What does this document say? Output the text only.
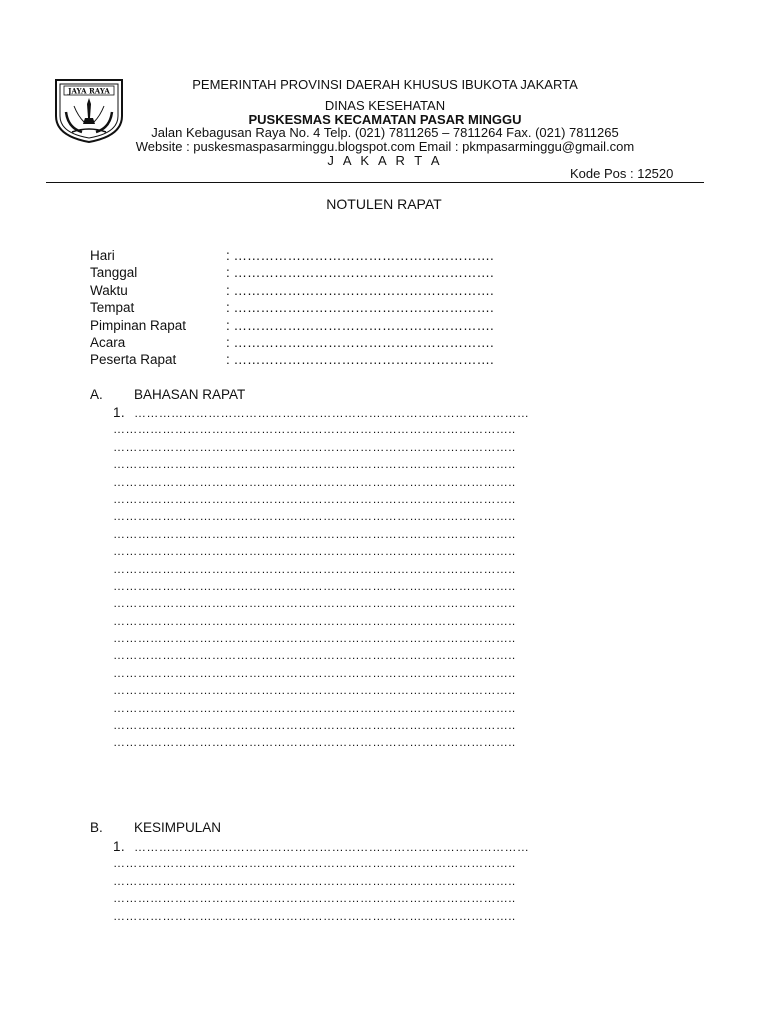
JAYA RAYA	PEMERINTAH PROVINSI DAERAH KHUSUS IBUKOTA JAKARTA
DINAS KESEHATAN
PUSKESMAS KECAMATAN PASAR MINGGU
Jalan Kebagusan Raya No. 4 Telp. (021) 7811265 – 7811264 Fax. (021) 7811265
Website : puskesmaspasarminggu.blogspot.com Email : pkmpasarminggu@gmail.com
J A K A R T A
Kode Pos : 12520
NOTULEN RAPAT
Hari	: ………………………………………………….
Tanggal	: ………………………………………………….
Waktu	: ………………………………………………….
Tempat	: ………………………………………………….
Pimpinan Rapat	: ………………………………………………….
Acara	: ………………………………………………….
Peserta Rapat	: ………………………………………………….
A. BAHASAN RAPAT
1. ……………………………………………………………………………………
……………………………………………………………………………………..
……………………………………………………………………………………..
……………………………………………………………………………………..
……………………………………………………………………………………..
……………………………………………………………………………………..
……………………………………………………………………………………..
……………………………………………………………………………………..
……………………………………………………………………………………..
……………………………………………………………………………………..
……………………………………………………………………………………..
……………………………………………………………………………………..
……………………………………………………………………………………..
……………………………………………………………………………………..
……………………………………………………………………………………..
……………………………………………………………………………………..
……………………………………………………………………………………..
……………………………………………………………………………………..
……………………………………………………………………………………..
……………………………………………………………………………………..
B. KESIMPULAN
1. ……………………………………………………………………………………
……………………………………………………………………………………..
……………………………………………………………………………………..
……………………………………………………………………………………..
……………………………………………………………………………………..
